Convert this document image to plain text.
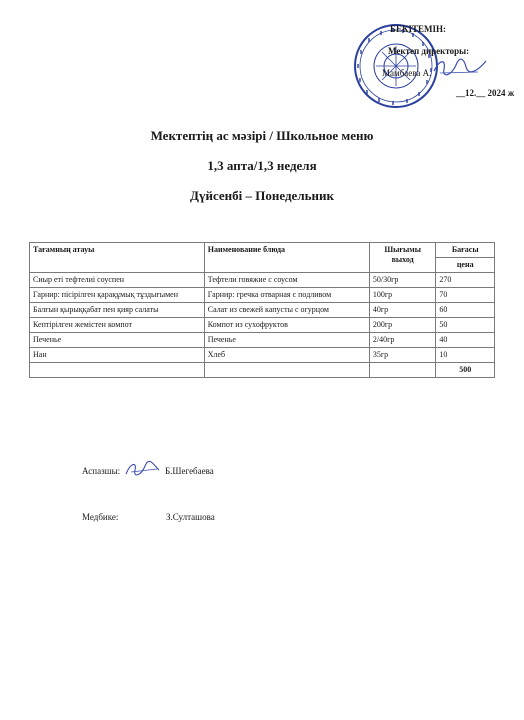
БЕКІТЕМІН:
Мектеп директоры:
Мамбаева А.
__12.__ 2024 ж
Мектептің ас мәзірі / Школьное меню
1,3 апта/1,3 неделя
Дүйсенбі – Понедельник
Тағамның атауы	Наименование блюда	Шығымы выход	Бағасы
			цена
Сиыр еті тефтелиі соуспен	Тефтели говяжие с соусом	50/30гр	270
Гарнир: пісірілген қарақұмық тұздығымен	Гарнир: гречка отварная с подливом	100гр	70
Балғын қырыққабат пен қияр салаты	Салат из свежей капусты с огурцом	40гр	60
Кептірілген жемістен компот	Компот из сухофруктов	200гр	50
Печенье	Печенье	2/40гр	40
Нан	Хлеб	35гр	10
			500
Аспазшы:	Б.Шегебаева
Медбике:	З.Султашова
